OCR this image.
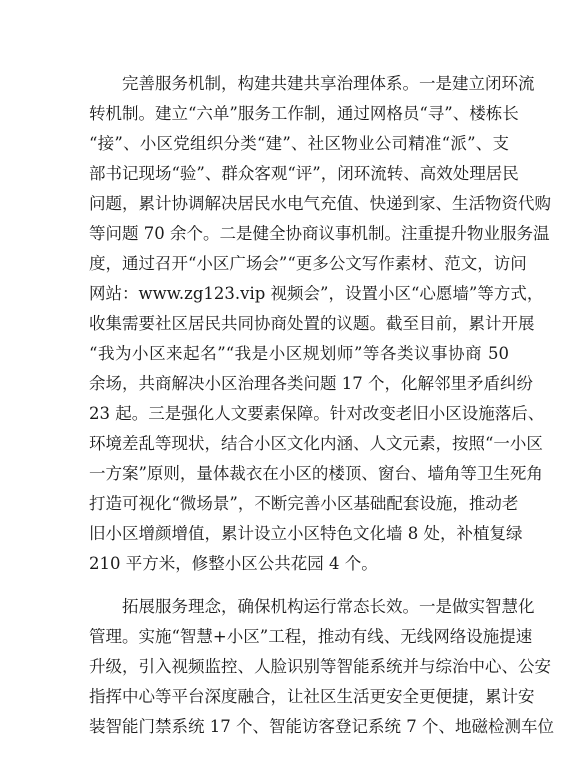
完善服务机制，构建共建共享治理体系。一是建立闭环流
转机制。建立“六单”服务工作制，通过网格员“寻”、楼栋长
“接”、小区党组织分类“建”、社区物业公司精准“派”、支
部书记现场“验”、群众客观“评”，闭环流转、高效处理居民
问题，累计协调解决居民水电气充值、快递到家、生活物资代购
等问题 70 余个。二是健全协商议事机制。注重提升物业服务温
度，通过召开“小区广场会”“更多公文写作素材、范文，访问
网站：www.zg123.vip 视频会”，设置小区“心愿墙”等方式，
收集需要社区居民共同协商处置的议题。截至目前，累计开展
“我为小区来起名”“我是小区规划师”等各类议事协商 50
余场，共商解决小区治理各类问题 17 个，化解邻里矛盾纠纷
23 起。三是强化人文要素保障。针对改变老旧小区设施落后、
环境差乱等现状，结合小区文化内涵、人文元素，按照“一小区
一方案”原则，量体裁衣在小区的楼顶、窗台、墙角等卫生死角
打造可视化“微场景”，不断完善小区基础配套设施，推动老
旧小区增颜增值，累计设立小区特色文化墙 8 处，补植复绿
210 平方米，修整小区公共花园 4 个。
拓展服务理念，确保机构运行常态长效。一是做实智慧化
管理。实施“智慧+小区”工程，推动有线、无线网络设施提速
升级，引入视频监控、人脸识别等智能系统并与综治中心、公安
指挥中心等平台深度融合，让社区生活更安全更便捷，累计安
装智能门禁系统 17 个、智能访客登记系统 7 个、地磁检测车位
